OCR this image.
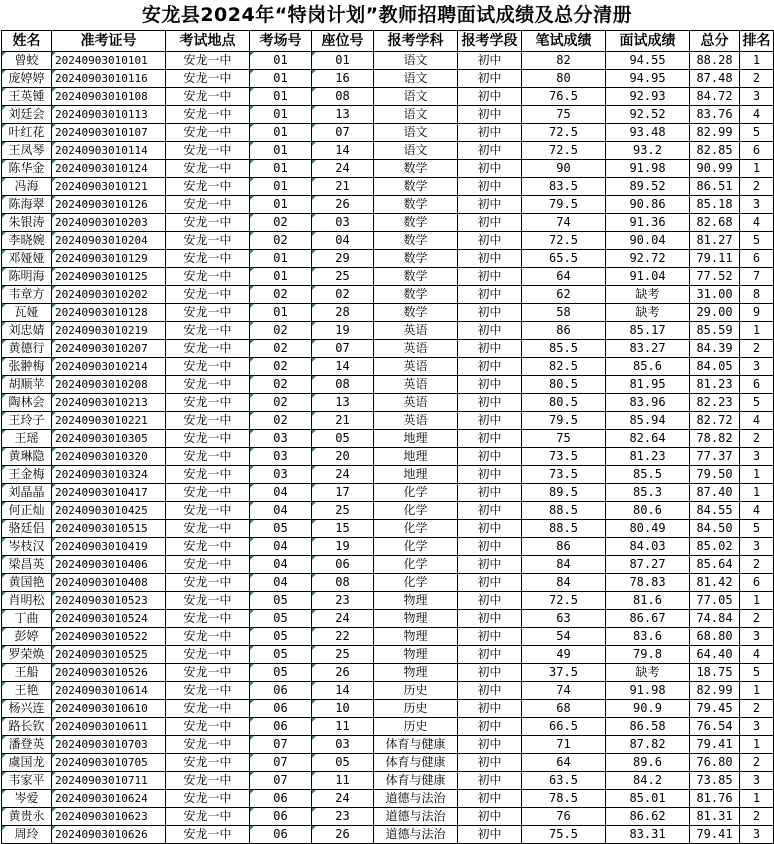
安龙县2024年“特岗计划”教师招聘面试成绩及总分清册
姓名	准考证号	考试地点	考场号	座位号	报考学科	报考学段	笔试成绩	面试成绩	总分	排名

曾蛟	20240903010101	安龙一中	01	01	语文	初中	82	94.55	88.28	1

庞婷婷	20240903010116	安龙一中	01	16	语文	初中	80	94.95	87.48	2

王英锺	20240903010108	安龙一中	01	08	语文	初中	76.5	92.93	84.72	3

刘廷会	20240903010113	安龙一中	01	13	语文	初中	75	92.52	83.76	4

叶红花	20240903010107	安龙一中	01	07	语文	初中	72.5	93.48	82.99	5

王凤琴	20240903010114	安龙一中	01	14	语文	初中	72.5	93.2	82.85	6

陈华金	20240903010124	安龙一中	01	24	数学	初中	90	91.98	90.99	1

冯海	20240903010121	安龙一中	01	21	数学	初中	83.5	89.52	86.51	2

陈海翠	20240903010126	安龙一中	01	26	数学	初中	79.5	90.86	85.18	3

朱银涛	20240903010203	安龙一中	02	03	数学	初中	74	91.36	82.68	4

李晓婉	20240903010204	安龙一中	02	04	数学	初中	72.5	90.04	81.27	5

邓娅娅	20240903010129	安龙一中	01	29	数学	初中	65.5	92.72	79.11	6

陈明海	20240903010125	安龙一中	01	25	数学	初中	64	91.04	77.52	7

韦章方	20240903010202	安龙一中	02	02	数学	初中	62	缺考	31.00	8

瓦娅	20240903010128	安龙一中	01	28	数学	初中	58	缺考	29.00	9

刘忠婧	20240903010219	安龙一中	02	19	英语	初中	86	85.17	85.59	1

黄德行	20240903010207	安龙一中	02	07	英语	初中	85.5	83.27	84.39	2

张翀梅	20240903010214	安龙一中	02	14	英语	初中	82.5	85.6	84.05	3

胡顺苹	20240903010208	安龙一中	02	08	英语	初中	80.5	81.95	81.23	6

陶林会	20240903010213	安龙一中	02	13	英语	初中	80.5	83.96	82.23	5

王玲子	20240903010221	安龙一中	02	21	英语	初中	79.5	85.94	82.72	4

王瑶	20240903010305	安龙一中	03	05	地理	初中	75	82.64	78.82	2

黄琳隐	20240903010320	安龙一中	03	20	地理	初中	73.5	81.23	77.37	3

王金梅	20240903010324	安龙一中	03	24	地理	初中	73.5	85.5	79.50	1

刘晶晶	20240903010417	安龙一中	04	17	化学	初中	89.5	85.3	87.40	1

何正灿	20240903010425	安龙一中	04	25	化学	初中	88.5	80.6	84.55	4

骆廷侣	20240903010515	安龙一中	05	15	化学	初中	88.5	80.49	84.50	5

岑枝汉	20240903010419	安龙一中	04	19	化学	初中	86	84.03	85.02	3

梁昌英	20240903010406	安龙一中	04	06	化学	初中	84	87.27	85.64	2

黄国艳	20240903010408	安龙一中	04	08	化学	初中	84	78.83	81.42	6

肖明松	20240903010523	安龙一中	05	23	物理	初中	72.5	81.6	77.05	1

丁曲	20240903010524	安龙一中	05	24	物理	初中	63	86.67	74.84	2

彭婷	20240903010522	安龙一中	05	22	物理	初中	54	83.6	68.80	3

罗荣焕	20240903010525	安龙一中	05	25	物理	初中	49	79.8	64.40	4

王船	20240903010526	安龙一中	05	26	物理	初中	37.5	缺考	18.75	5

王艳	20240903010614	安龙一中	06	14	历史	初中	74	91.98	82.99	1

杨兴连	20240903010610	安龙一中	06	10	历史	初中	68	90.9	79.45	2

路长钦	20240903010611	安龙一中	06	11	历史	初中	66.5	86.58	76.54	3

潘登英	20240903010703	安龙一中	07	03	体育与健康	初中	71	87.82	79.41	1

虞国龙	20240903010705	安龙一中	07	05	体育与健康	初中	64	89.6	76.80	2

韦家平	20240903010711	安龙一中	07	11	体育与健康	初中	63.5	84.2	73.85	3

岑爱	20240903010624	安龙一中	06	24	道德与法治	初中	78.5	85.01	81.76	1

黄贵永	20240903010623	安龙一中	06	23	道德与法治	初中	76	86.62	81.31	2

周玲	20240903010626	安龙一中	06	26	道德与法治	初中	75.5	83.31	79.41	3
